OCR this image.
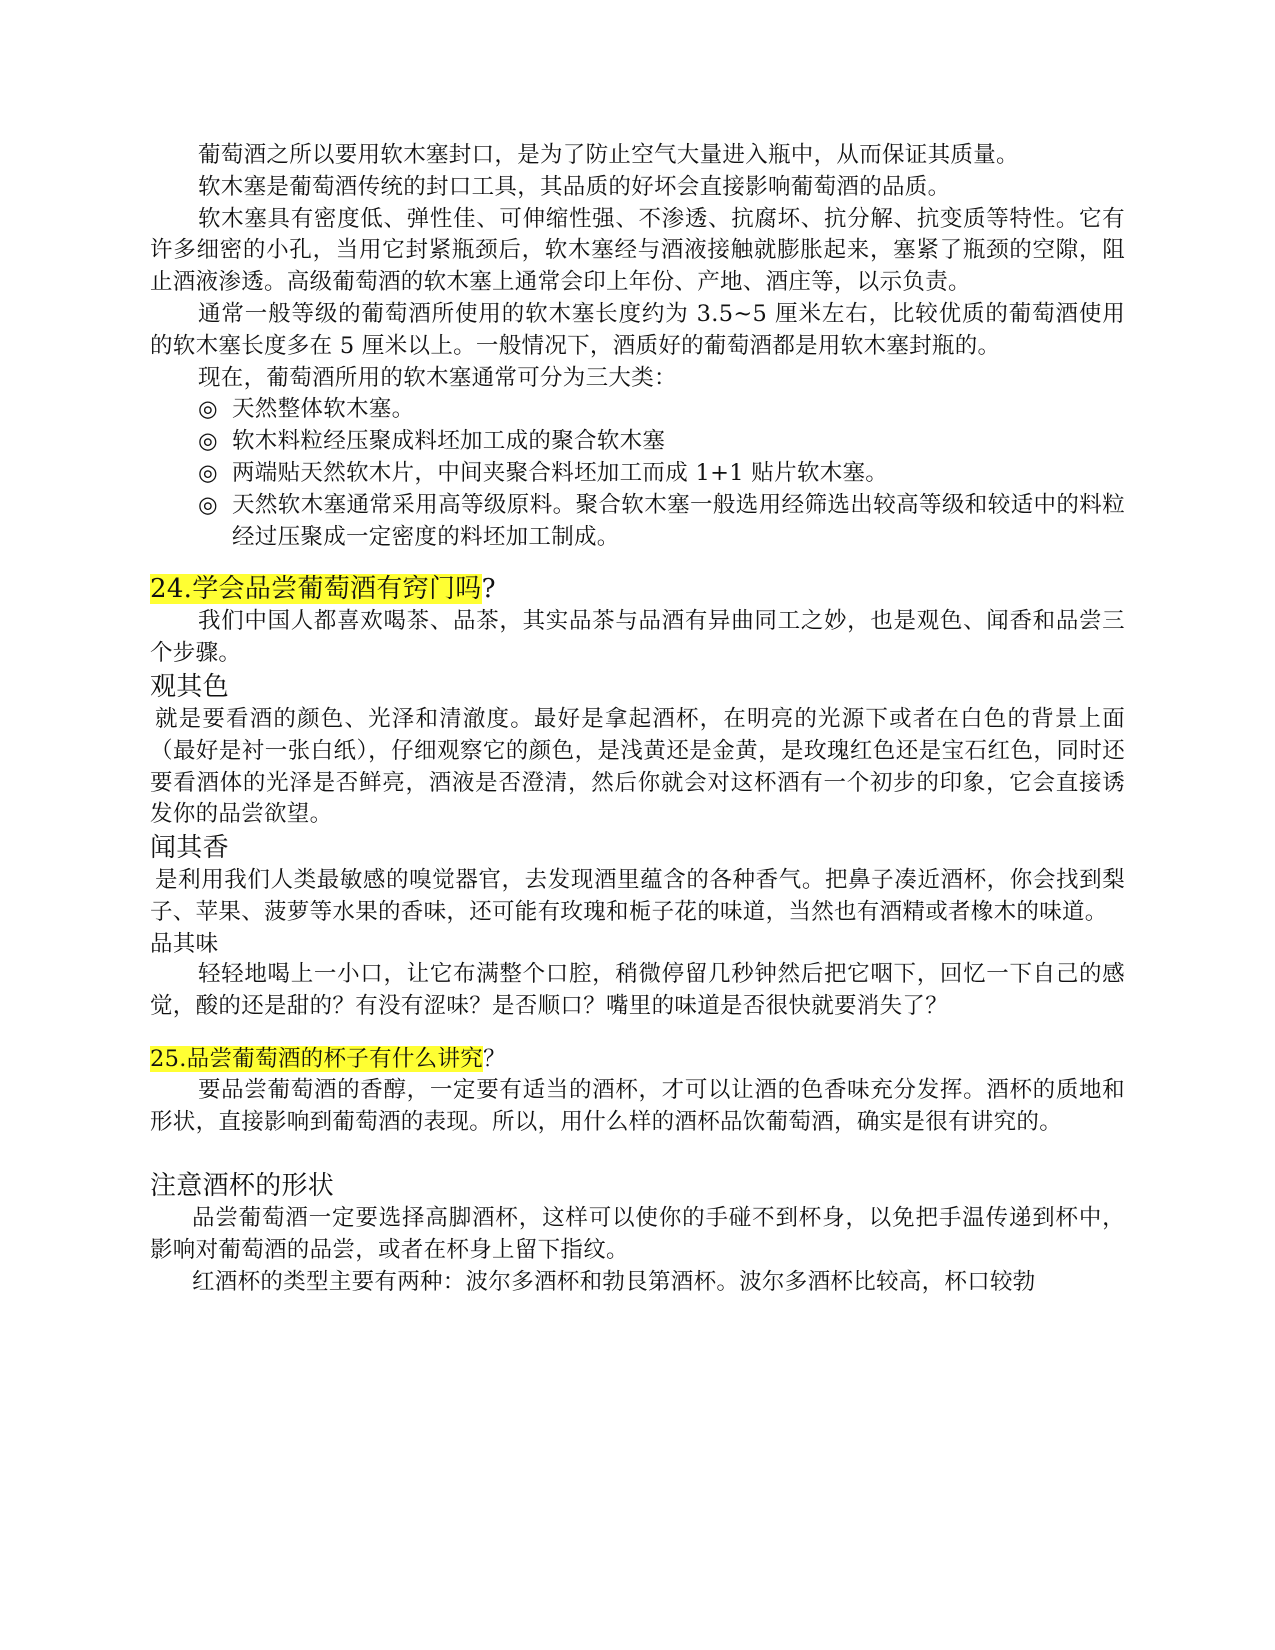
葡萄酒之所以要用软木塞封口，是为了防止空气大量进入瓶中，从而保证其质量。

软木塞是葡萄酒传统的封口工具，其品质的好坏会直接影响葡萄酒的品质。

软木塞具有密度低、弹性佳、可伸缩性强、不渗透、抗腐坏、抗分解、抗变质等特性。它有许多细密的小孔，当用它封紧瓶颈后，软木塞经与酒液接触就膨胀起来，塞紧了瓶颈的空隙，阻止酒液渗透。高级葡萄酒的软木塞上通常会印上年份、产地、酒庄等，以示负责。

通常一般等级的葡萄酒所使用的软木塞长度约为 3.5~5 厘米左右，比较优质的葡萄酒使用的软木塞长度多在 5 厘米以上。一般情况下，酒质好的葡萄酒都是用软木塞封瓶的。

现在，葡萄酒所用的软木塞通常可分为三大类：

◎ 天然整体软木塞。
◎ 软木料粒经压聚成料坯加工成的聚合软木塞
◎ 两端贴天然软木片，中间夹聚合料坯加工而成 1+1 贴片软木塞。
◎ 天然软木塞通常采用高等级原料。聚合软木塞一般选用经筛选出较高等级和较适中的料粒经过压聚成一定密度的料坯加工制成。

24.学会品尝葡萄酒有窍门吗?

我们中国人都喜欢喝茶、品茶，其实品茶与品酒有异曲同工之妙，也是观色、闻香和品尝三个步骤。

观其色

就是要看酒的颜色、光泽和清澈度。最好是拿起酒杯，在明亮的光源下或者在白色的背景上面（最好是衬一张白纸），仔细观察它的颜色，是浅黄还是金黄，是玫瑰红色还是宝石红色，同时还要看酒体的光泽是否鲜亮，酒液是否澄清，然后你就会对这杯酒有一个初步的印象，它会直接诱发你的品尝欲望。

闻其香

是利用我们人类最敏感的嗅觉器官，去发现酒里蕴含的各种香气。把鼻子凑近酒杯，你会找到梨子、苹果、菠萝等水果的香味，还可能有玫瑰和栀子花的味道，当然也有酒精或者橡木的味道。

品其味

轻轻地喝上一小口，让它布满整个口腔，稍微停留几秒钟然后把它咽下，回忆一下自己的感觉，酸的还是甜的？有没有涩味？是否顺口？嘴里的味道是否很快就要消失了？

25.品尝葡萄酒的杯子有什么讲究？

要品尝葡萄酒的香醇，一定要有适当的酒杯，才可以让酒的色香味充分发挥。酒杯的质地和形状，直接影响到葡萄酒的表现。所以，用什么样的酒杯品饮葡萄酒，确实是很有讲究的。

注意酒杯的形状

品尝葡萄酒一定要选择高脚酒杯，这样可以使你的手碰不到杯身，以免把手温传递到杯中，影响对葡萄酒的品尝，或者在杯身上留下指纹。

红酒杯的类型主要有两种：波尔多酒杯和勃艮第酒杯。波尔多酒杯比较高，杯口较勃
